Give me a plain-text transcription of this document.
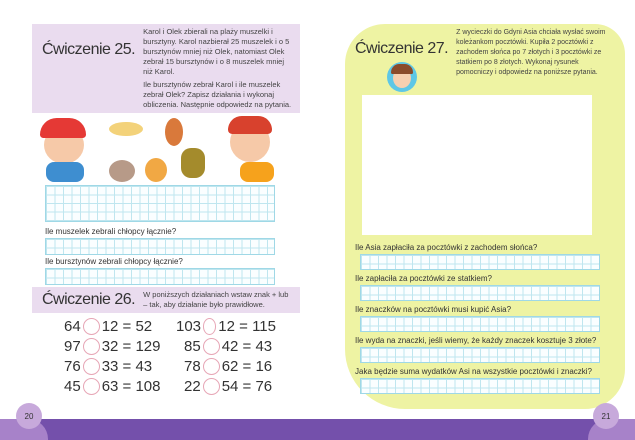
Ćwiczenie 25.

Karol i Olek zbierali na plaży muszelki i bursztyny. Karol nazbierał 25 muszelek i o 5 bursztynów mniej niż Olek, natomiast Olek zebrał 15 bursztynów i o 8 muszelek mniej niż Karol.

Ile bursztynów zebrał Karol i ile muszelek zebrał Olek? Zapisz działania i wykonaj obliczenia. Następnie odpowiedz na pytania.

Ile muszelek zebrali chłopcy łącznie?
Ile bursztynów zebrali chłopcy łącznie?
Ćwiczenie 26. W poniższych działaniach wstaw znak + lub – tak, aby działanie było prawidłowe.
64 12 = 52 103 12 = 115
97 32 = 129 85 42 = 43
76 33 = 43 78 62 = 16
45 63 = 108 22 54 = 76
Ćwiczenie 27.
Z wycieczki do Gdyni Asia chciała wysłać swoim koleżankom pocztówki. Kupiła 2 pocztówki z zachodem słońca po 7 złotych i 3 pocztówki ze statkiem po 8 złotych. Wykonaj rysunek pomocniczy i odpowiedz na poniższe pytania.
Ile Asia zapłaciła za pocztówki z zachodem słońca?
Ile zapłaciła za pocztówki ze statkiem?
Ile znaczków na pocztówki musi kupić Asia?
Ile wyda na znaczki, jeśli wiemy, że każdy znaczek kosztuje 3 złote?
Jaka będzie suma wydatków Asi na wszystkie pocztówki i znaczki?
20	21
